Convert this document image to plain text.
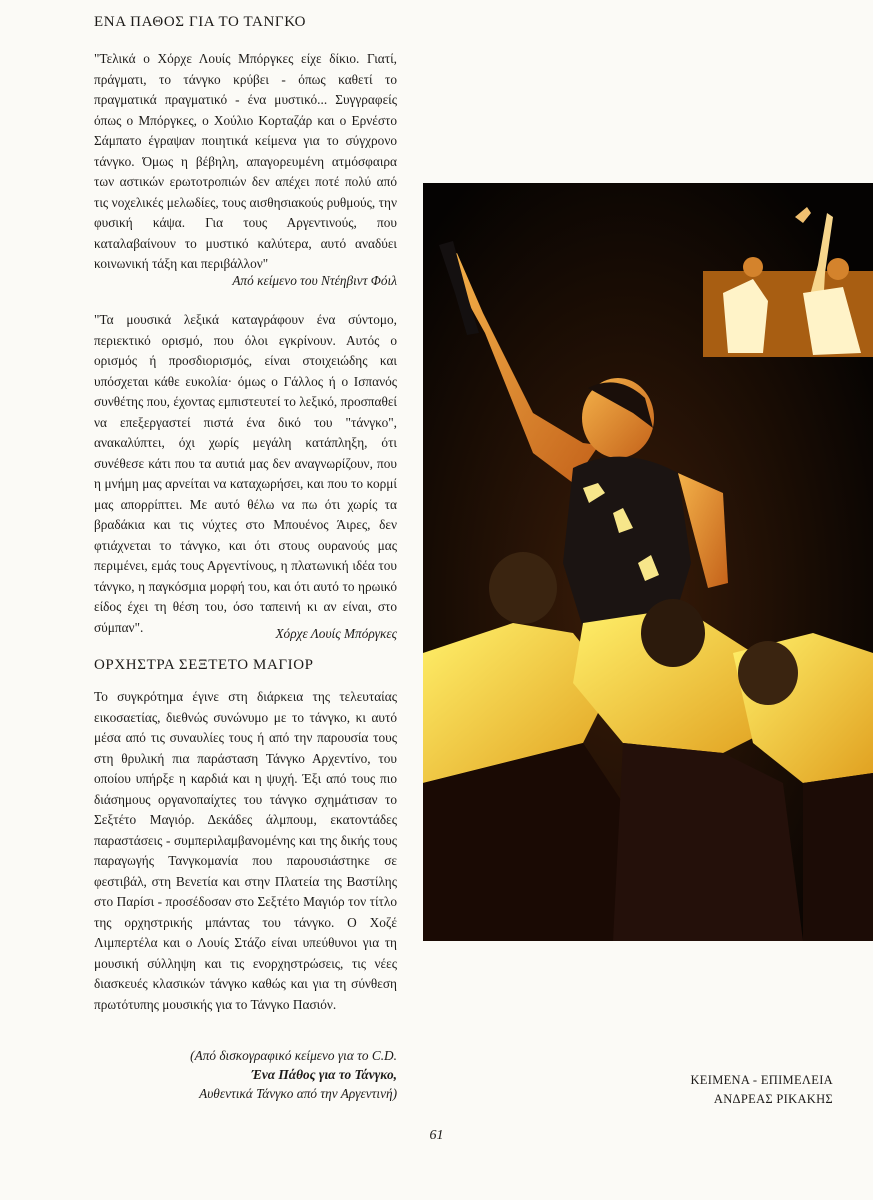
ΕΝΑ ΠΑΘΟΣ ΓΙΑ ΤΟ ΤΑΝΓΚΟ

"Τελικά ο Χόρχε Λουίς Μπόργκες είχε δίκιο. Γιατί, πράγματι, το τάνγκο κρύβει - όπως καθετί το πραγματικά πραγματικό - ένα μυστικό... Συγγραφείς όπως ο Μπόργκες, ο Χούλιο Κορταζάρ και ο Ερνέστο Σάμπατο έγραψαν ποιητικά κείμενα για το σύγχρονο τάνγκο. Όμως η βέβηλη, απαγορευμένη ατμόσφαιρα των αστικών ερωτοτροπιών δεν απέχει ποτέ πολύ από τις νοχελικές μελωδίες, τους αισθησιακούς ρυθμούς, την φυσική κάψα. Για τους Αργεντινούς, που καταλαβαίνουν το μυστικό καλύτερα, αυτό αναδύει κοινωνική τάξη και περιβάλλον"

Από κείμενο του Ντέηβιντ Φόιλ

"Τα μουσικά λεξικά καταγράφουν ένα σύντομο, περιεκτικό ορισμό, που όλοι εγκρίνουν. Αυτός ο ορισμός ή προσδιορισμός, είναι στοιχειώδης και υπόσχεται κάθε ευκολία· όμως ο Γάλλος ή ο Ισπανός συνθέτης που, έχοντας εμπιστευτεί το λεξικό, προσπαθεί να επεξεργαστεί πιστά ένα δικό του "τάνγκο", ανακαλύπτει, όχι χωρίς μεγάλη κατάπληξη, ότι συνέθεσε κάτι που τα αυτιά μας δεν αναγνωρίζουν, που η μνήμη μας αρνείται να καταχωρήσει, και που το κορμί μας απορρίπτει. Με αυτό θέλω να πω ότι χωρίς τα βραδάκια και τις νύχτες στο Μπουένος Άιρες, δεν φτιάχνεται το τάνγκο, και ότι στους ουρανούς μας περιμένει, εμάς τους Αργεντίνους, η πλατωνική ιδέα του τάνγκο, η παγκόσμια μορφή του, και ότι αυτό το ηρωικό είδος έχει τη θέση του, όσο ταπεινή κι αν είναι, στο σύμπαν".	Χόρχε Λουίς Μπόργκες

ΟΡΧΗΣΤΡΑ ΣΕΞΤΕΤΟ ΜΑΓΙΟΡ

Το συγκρότημα έγινε στη διάρκεια της τελευταίας εικοσαετίας, διεθνώς συνώνυμο με το τάνγκο, κι αυτό μέσα από τις συναυλίες τους ή από την παρουσία τους στη θρυλική πια παράσταση Τάνγκο Αρχεντίνο, του οποίου υπήρξε η καρδιά και η ψυχή. Έξι από τους πιο διάσημους οργανοπαίχτες του τάνγκο σχημάτισαν το Σεξτέτο Μαγιόρ. Δεκάδες άλμπουμ, εκατοντάδες παραστάσεις - συμπεριλαμβανομένης και της δικής τους παραγωγής Τανγκομανία που παρουσιάστηκε σε φεστιβάλ, στη Βενετία και στην Πλατεία της Βαστίλης στο Παρίσι - προσέδοσαν στο Σεξτέτο Μαγιόρ τον τίτλο της ορχηστρικής μπάντας του τάνγκο. Ο Χοζέ Λιμπερτέλα και ο Λουίς Στάζο είναι υπεύθυνοι για τη μουσική σύλληψη και τις ενορχηστρώσεις, τις νέες διασκευές κλασικών τάνγκο καθώς και για τη σύνθεση πρωτότυπης μουσικής για το Τάνγκο Πασιόν.

(Από δισκογραφικό κείμενο για το C.D.
Ένα Πάθος για το Τάνγκο,
Αυθεντικά Τάνγκο από την Αργεντινή)
ΚΕΙΜΕΝΑ - ΕΠΙΜΕΛΕΙΑ
ΑΝΔΡΕΑΣ ΡΙΚΑΚΗΣ
61
